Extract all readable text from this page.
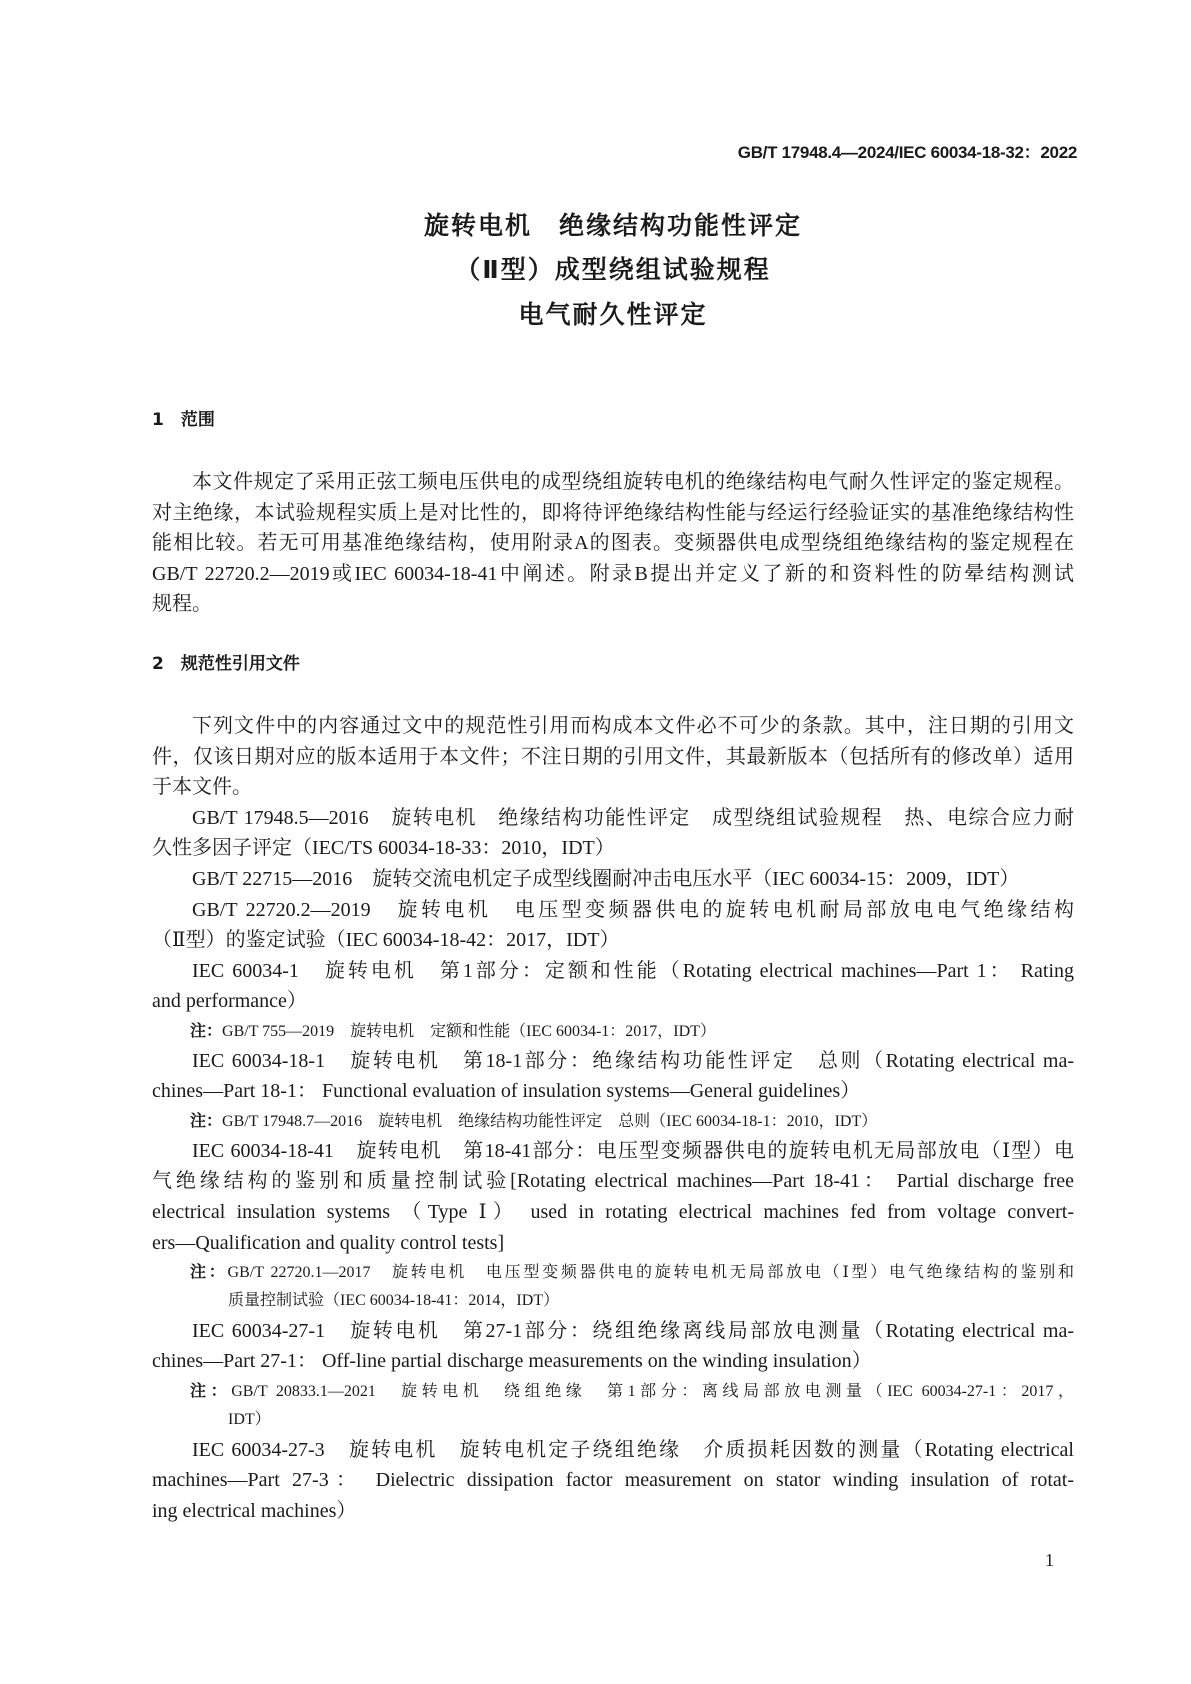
GB/T 17948.4—2024/IEC 60034-18-32：2022
旋转电机　绝缘结构功能性评定
（Ⅱ型）成型绕组试验规程
电气耐久性评定
1　范围
本文件规定了采用正弦工频电压供电的成型绕组旋转电机的绝缘结构电气耐久性评定的鉴定规程。
对主绝缘，本试验规程实质上是对比性的，即将待评绝缘结构性能与经运行经验证实的基准绝缘结构性
能相比较。若无可用基准绝缘结构，使用附录A的图表。变频器供电成型绕组绝缘结构的鉴定规程在
GB/T 22720.2—2019或IEC 60034-18-41中阐述。附录B提出并定义了新的和资料性的防晕结构测试
规程。
2　规范性引用文件
下列文件中的内容通过文中的规范性引用而构成本文件必不可少的条款。其中，注日期的引用文
件，仅该日期对应的版本适用于本文件；不注日期的引用文件，其最新版本（包括所有的修改单）适用
于本文件。
GB/T 17948.5—2016　旋转电机　绝缘结构功能性评定　成型绕组试验规程　热、电综合应力耐
久性多因子评定（IEC/TS 60034-18-33：2010，IDT）
GB/T 22715—2016　旋转交流电机定子成型线圈耐冲击电压水平（IEC 60034-15：2009，IDT）
GB/T 22720.2—2019　旋转电机　电压型变频器供电的旋转电机耐局部放电电气绝缘结构
（Ⅱ型）的鉴定试验（IEC 60034-18-42：2017，IDT）
IEC 60034-1　旋转电机　第1部分：定额和性能（Rotating electrical machines—Part 1： Rating
and performance）
注：GB/T 755—2019　旋转电机　定额和性能（IEC 60034-1：2017，IDT）
IEC 60034-18-1　旋转电机　第18-1部分：绝缘结构功能性评定　总则（Rotating electrical ma-
chines—Part 18-1： Functional evaluation of insulation systems—General guidelines）
注：GB/T 17948.7—2016　旋转电机　绝缘结构功能性评定　总则（IEC 60034-18-1：2010，IDT）
IEC 60034-18-41　旋转电机　第18-41部分：电压型变频器供电的旋转电机无局部放电（Ⅰ型）电
气绝缘结构的鉴别和质量控制试验[Rotating electrical machines—Part 18-41： Partial discharge free
electrical insulation systems （Type Ⅰ） used in rotating electrical machines fed from voltage convert-
ers—Qualification and quality control tests]
注：GB/T 22720.1—2017　旋转电机　电压型变频器供电的旋转电机无局部放电（Ⅰ型）电气绝缘结构的鉴别和
质量控制试验（IEC 60034-18-41：2014，IDT）
IEC 60034-27-1　旋转电机　第27-1部分：绕组绝缘离线局部放电测量（Rotating electrical ma-
chines—Part 27-1： Off-line partial discharge measurements on the winding insulation）
注：GB/T 20833.1—2021　旋转电机　绕组绝缘　第1部分：离线局部放电测量（IEC 60034-27-1：2017，
IDT）
IEC 60034-27-3　旋转电机　旋转电机定子绕组绝缘　介质损耗因数的测量（Rotating electrical
machines—Part 27-3： Dielectric dissipation factor measurement on stator winding insulation of rotat-
ing electrical machines）
1
